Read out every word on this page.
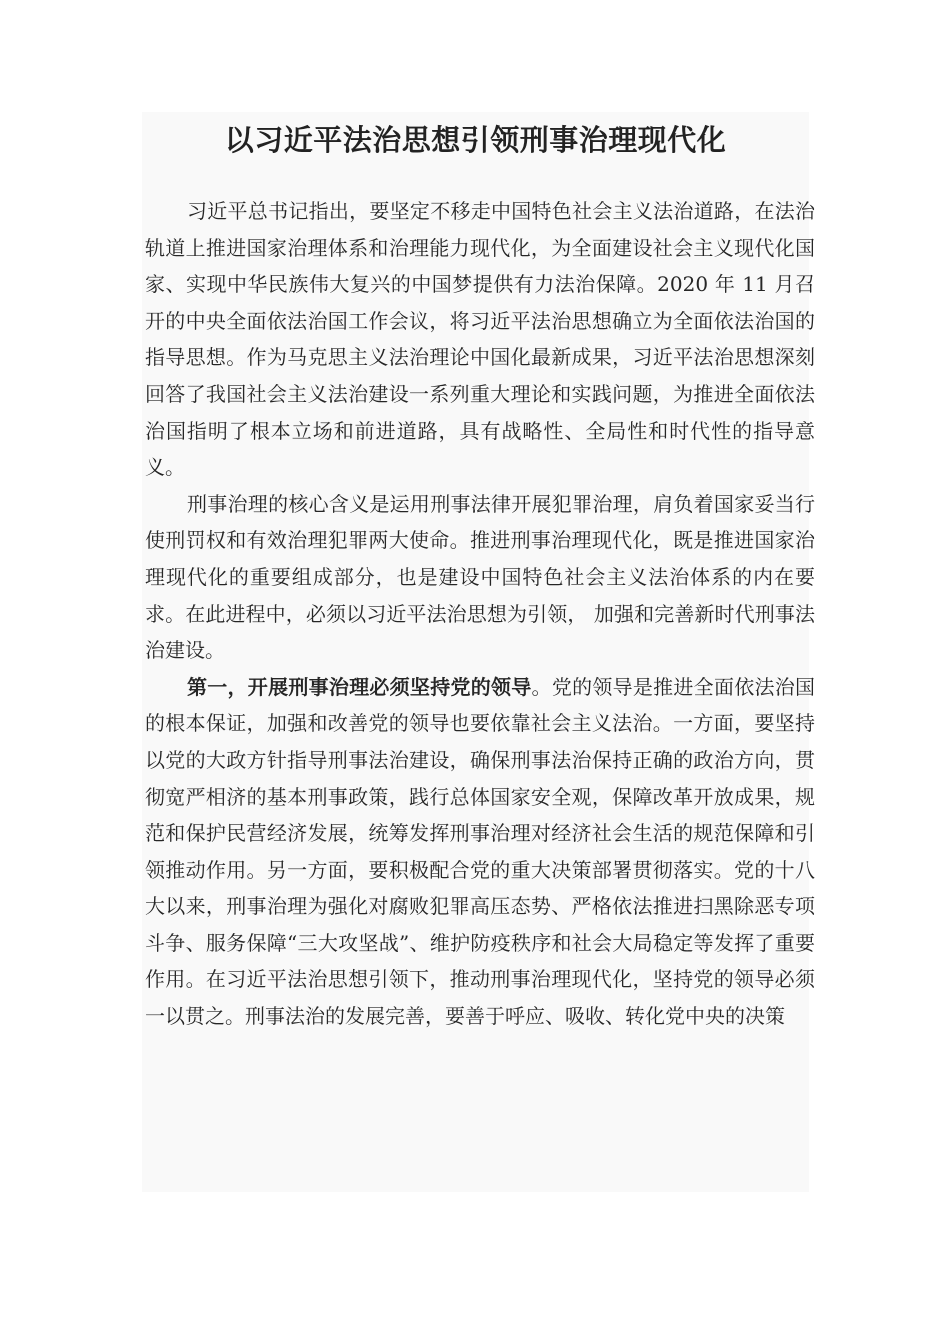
以习近平法治思想引领刑事治理现代化

习近平总书记指出，要坚定不移走中国特色社会主义法治道路，在法治轨道上推进国家治理体系和治理能力现代化，为全面建设社会主义现代化国家、实现中华民族伟大复兴的中国梦提供有力法治保障。2020 年 11 月召开的中央全面依法治国工作会议，将习近平法治思想确立为全面依法治国的指导思想。作为马克思主义法治理论中国化最新成果，习近平法治思想深刻回答了我国社会主义法治建设一系列重大理论和实践问题，为推进全面依法治国指明了根本立场和前进道路，具有战略性、全局性和时代性的指导意义。

刑事治理的核心含义是运用刑事法律开展犯罪治理，肩负着国家妥当行使刑罚权和有效治理犯罪两大使命。推进刑事治理现代化，既是推进国家治理现代化的重要组成部分，也是建设中国特色社会主义法治体系的内在要求。在此进程中，必须以习近平法治思想为引领， 加强和完善新时代刑事法治建设。

第一，开展刑事治理必须坚持党的领导。党的领导是推进全面依法治国的根本保证，加强和改善党的领导也要依靠社会主义法治。一方面，要坚持以党的大政方针指导刑事法治建设，确保刑事法治保持正确的政治方向，贯彻宽严相济的基本刑事政策，践行总体国家安全观，保障改革开放成果，规范和保护民营经济发展，统筹发挥刑事治理对经济社会生活的规范保障和引领推动作用。另一方面，要积极配合党的重大决策部署贯彻落实。党的十八大以来，刑事治理为强化对腐败犯罪高压态势、严格依法推进扫黑除恶专项斗争、服务保障“三大攻坚战”、维护防疫秩序和社会大局稳定等发挥了重要作用。在习近平法治思想引领下，推动刑事治理现代化，坚持党的领导必须一以贯之。刑事法治的发展完善，要善于呼应、吸收、转化党中央的决策
